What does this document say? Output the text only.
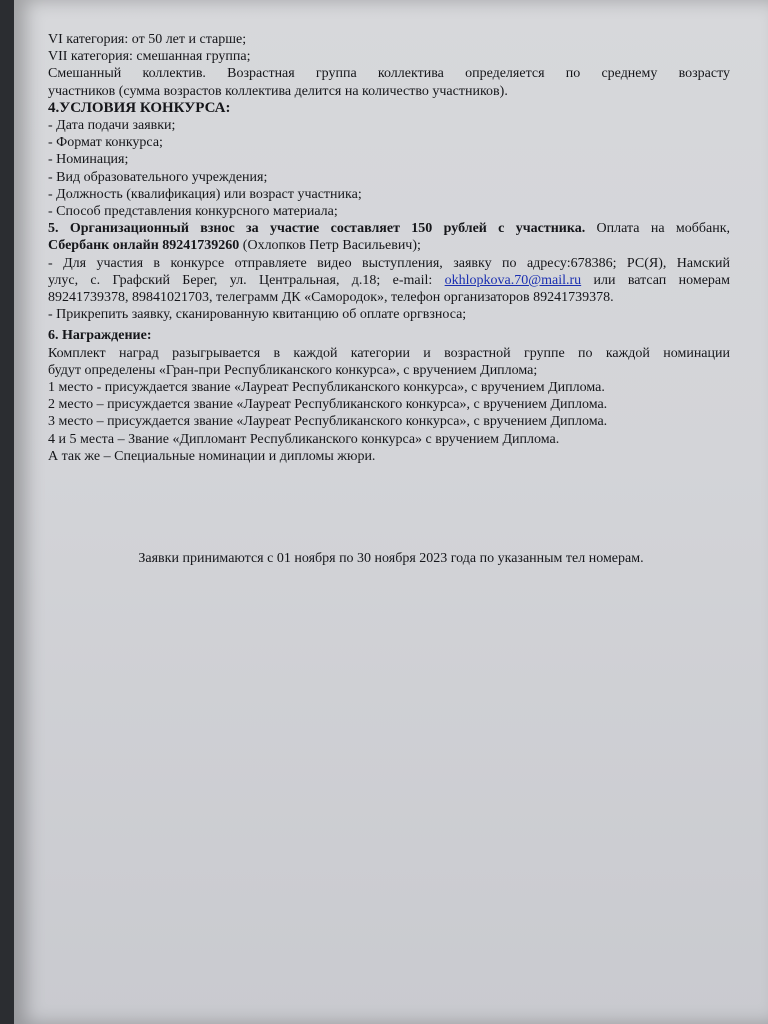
VI категория: от 50 лет и старше;
VII категория: смешанная группа;
Смешанный коллектив. Возрастная группа коллектива определяется по среднему возрасту
участников (сумма возрастов коллектива делится на количество участников).
4.УСЛОВИЯ КОНКУРСА:
- Дата подачи заявки;
- Формат конкурса;
- Номинация;
- Вид образовательного учреждения;
- Должность (квалификация) или возраст участника;
- Способ представления конкурсного материала;
5. Организационный взнос за участие составляет 150 рублей с участника. Оплата на моббанк,
Сбербанк онлайн 89241739260 (Охлопков Петр Васильевич);
- Для участия в конкурсе отправляете видео выступления, заявку по адресу:678386; РС(Я), Намский
улус, с. Графский Берег, ул. Центральная, д.18; e-mail: okhlopkova.70@mail.ru или ватсап номерам
89241739378, 89841021703, телеграмм ДК «Самородок», телефон организаторов 89241739378.
- Прикрепить заявку, сканированную квитанцию об оплате оргвзноса;
6. Награждение:
Комплект наград разыгрывается в каждой категории и возрастной группе по каждой номинации
будут определены «Гран-при Республиканского конкурса», с вручением Диплома;
1 место - присуждается звание «Лауреат Республиканского конкурса», с вручением Диплома.
2 место – присуждается звание «Лауреат Республиканского конкурса», с вручением Диплома.
3 место – присуждается звание «Лауреат Республиканского конкурса», с вручением Диплома.
4 и 5 места – Звание «Дипломант Республиканского конкурса» с вручением Диплома.
А так же – Специальные номинации и дипломы жюри.
Заявки принимаются с 01 ноября по 30 ноября 2023 года по указанным тел номерам.
